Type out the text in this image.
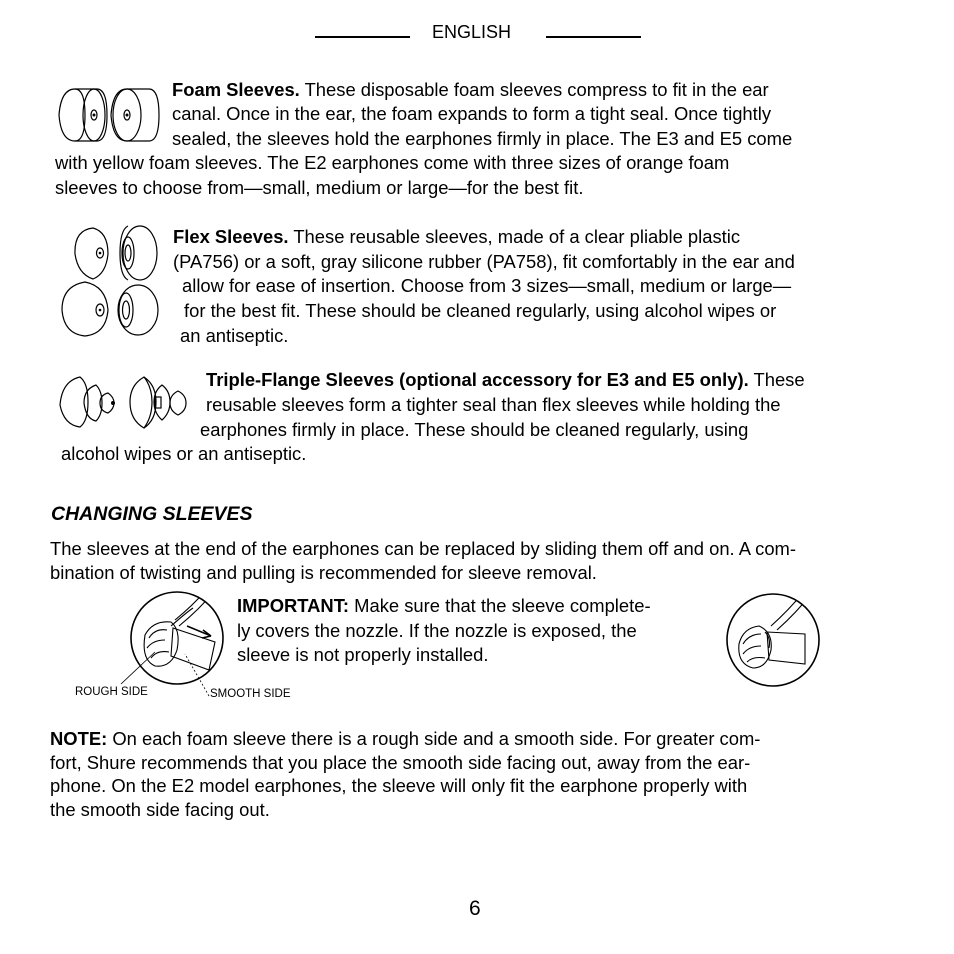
ENGLISH
Foam Sleeves. These disposable foam sleeves compress to fit in the ear
canal. Once in the ear, the foam expands to form a tight seal. Once tightly
sealed, the sleeves hold the earphones firmly in place. The E3 and E5 come
with yellow foam sleeves. The E2 earphones come with three sizes of orange foam
sleeves to choose from—small, medium or large—for the best fit.
Flex Sleeves. These reusable sleeves, made of a clear pliable plastic
(PA756) or a soft, gray silicone rubber (PA758), fit comfortably in the ear and
allow for ease of insertion. Choose from 3 sizes—small, medium or large—
for the best fit. These should be cleaned regularly, using alcohol wipes or
an antiseptic.
Triple-Flange Sleeves (optional accessory for E3 and E5 only). These
reusable sleeves form a tighter seal than flex sleeves while holding the
earphones firmly in place. These should be cleaned regularly, using
alcohol wipes or an antiseptic.
CHANGING SLEEVES
The sleeves at the end of the earphones can be replaced by sliding them off and on. A com-
bination of twisting and pulling is recommended for sleeve removal.
ROUGH SIDE	SMOOTH SIDE
IMPORTANT: Make sure that the sleeve complete-
ly covers the nozzle. If the nozzle is exposed, the
sleeve is not properly installed.
NOTE: On each foam sleeve there is a rough side and a smooth side. For greater com-
fort, Shure recommends that you place the smooth side facing out, away from the ear-
phone. On the E2 model earphones, the sleeve will only fit the earphone properly with
the smooth side facing out.
6
